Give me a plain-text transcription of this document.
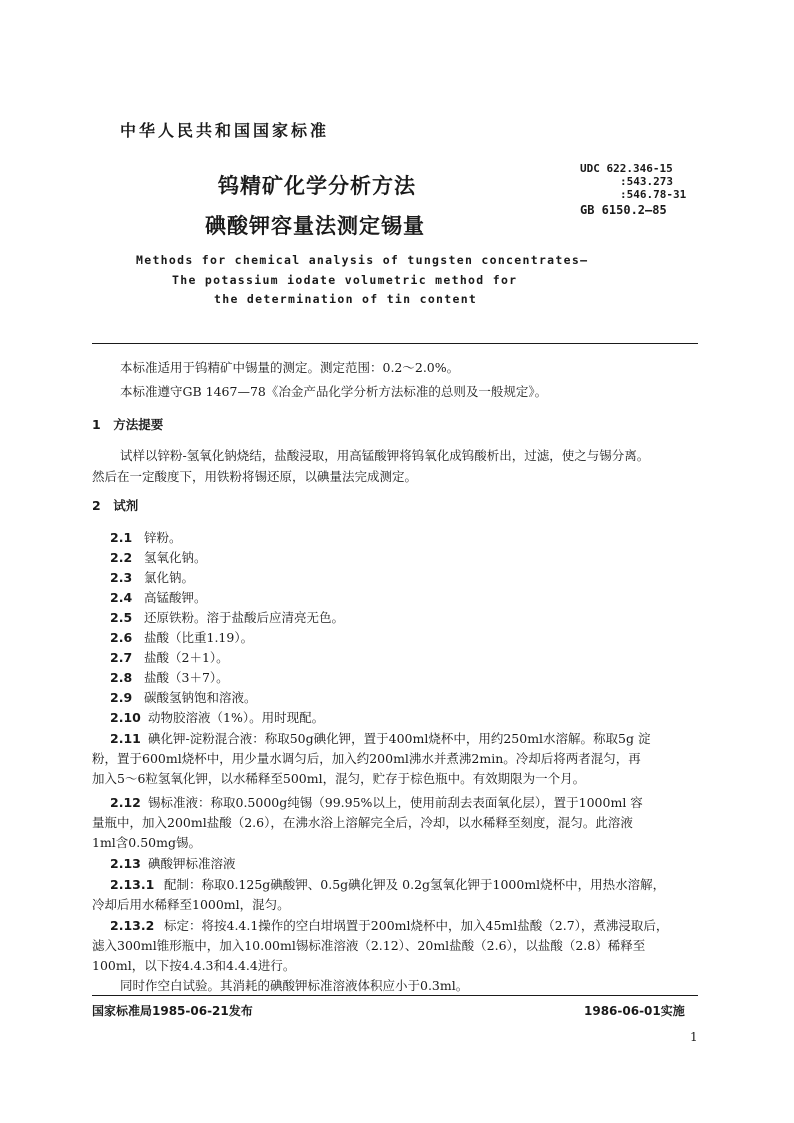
中华人民共和国国家标准
钨精矿化学分析方法
碘酸钾容量法测定锡量
UDC 622.346-15
:543.273
:546.78-31
GB 6150.2—85
Methods for chemical analysis of tungsten concentrates—
The potassium iodate volumetric method for
the determination of tin content
本标准适用于钨精矿中锡量的测定。测定范围：0.2～2.0%。
本标准遵守GB 1467—78《冶金产品化学分析方法标准的总则及一般规定》。
1　方法提要
试样以锌粉-氢氧化钠烧结，盐酸浸取，用高锰酸钾将钨氧化成钨酸析出，过滤，使之与锡分离。
然后在一定酸度下，用铁粉将锡还原，以碘量法完成测定。
2　试剂
2.1 锌粉。
2.2 氢氧化钠。
2.3 氯化钠。
2.4 高锰酸钾。
2.5 还原铁粉。溶于盐酸后应清亮无色。
2.6 盐酸（比重1.19）。
2.7 盐酸（2＋1）。
2.8 盐酸（3＋7）。
2.9 碳酸氢钠饱和溶液。
2.10 动物胶溶液（1%）。用时现配。
2.11 碘化钾-淀粉混合液：称取50g碘化钾，置于400ml烧杯中，用约250ml水溶解。称取5g 淀
粉，置于600ml烧杯中，用少量水调匀后，加入约200ml沸水并煮沸2min。冷却后将两者混匀，再
加入5～6粒氢氧化钾，以水稀释至500ml，混匀，贮存于棕色瓶中。有效期限为一个月。
2.12 锡标准液：称取0.5000g纯锡（99.95%以上，使用前刮去表面氧化层），置于1000ml 容
量瓶中，加入200ml盐酸（2.6），在沸水浴上溶解完全后，冷却，以水稀释至刻度，混匀。此溶液
1ml含0.50mg锡。
2.13 碘酸钾标准溶液
2.13.1 配制：称取0.125g碘酸钾、0.5g碘化钾及 0.2g氢氧化钾于1000ml烧杯中，用热水溶解，
冷却后用水稀释至1000ml，混匀。
2.13.2 标定：将按4.4.1操作的空白坩埚置于200ml烧杯中，加入45ml盐酸（2.7），煮沸浸取后，
滤入300ml锥形瓶中，加入10.00ml锡标准溶液（2.12）、20ml盐酸（2.6），以盐酸（2.8）稀释至
100ml，以下按4.4.3和4.4.4进行。
同时作空白试验。其消耗的碘酸钾标准溶液体积应小于0.3ml。
国家标准局1985-06-21发布	1986-06-01实施
1
